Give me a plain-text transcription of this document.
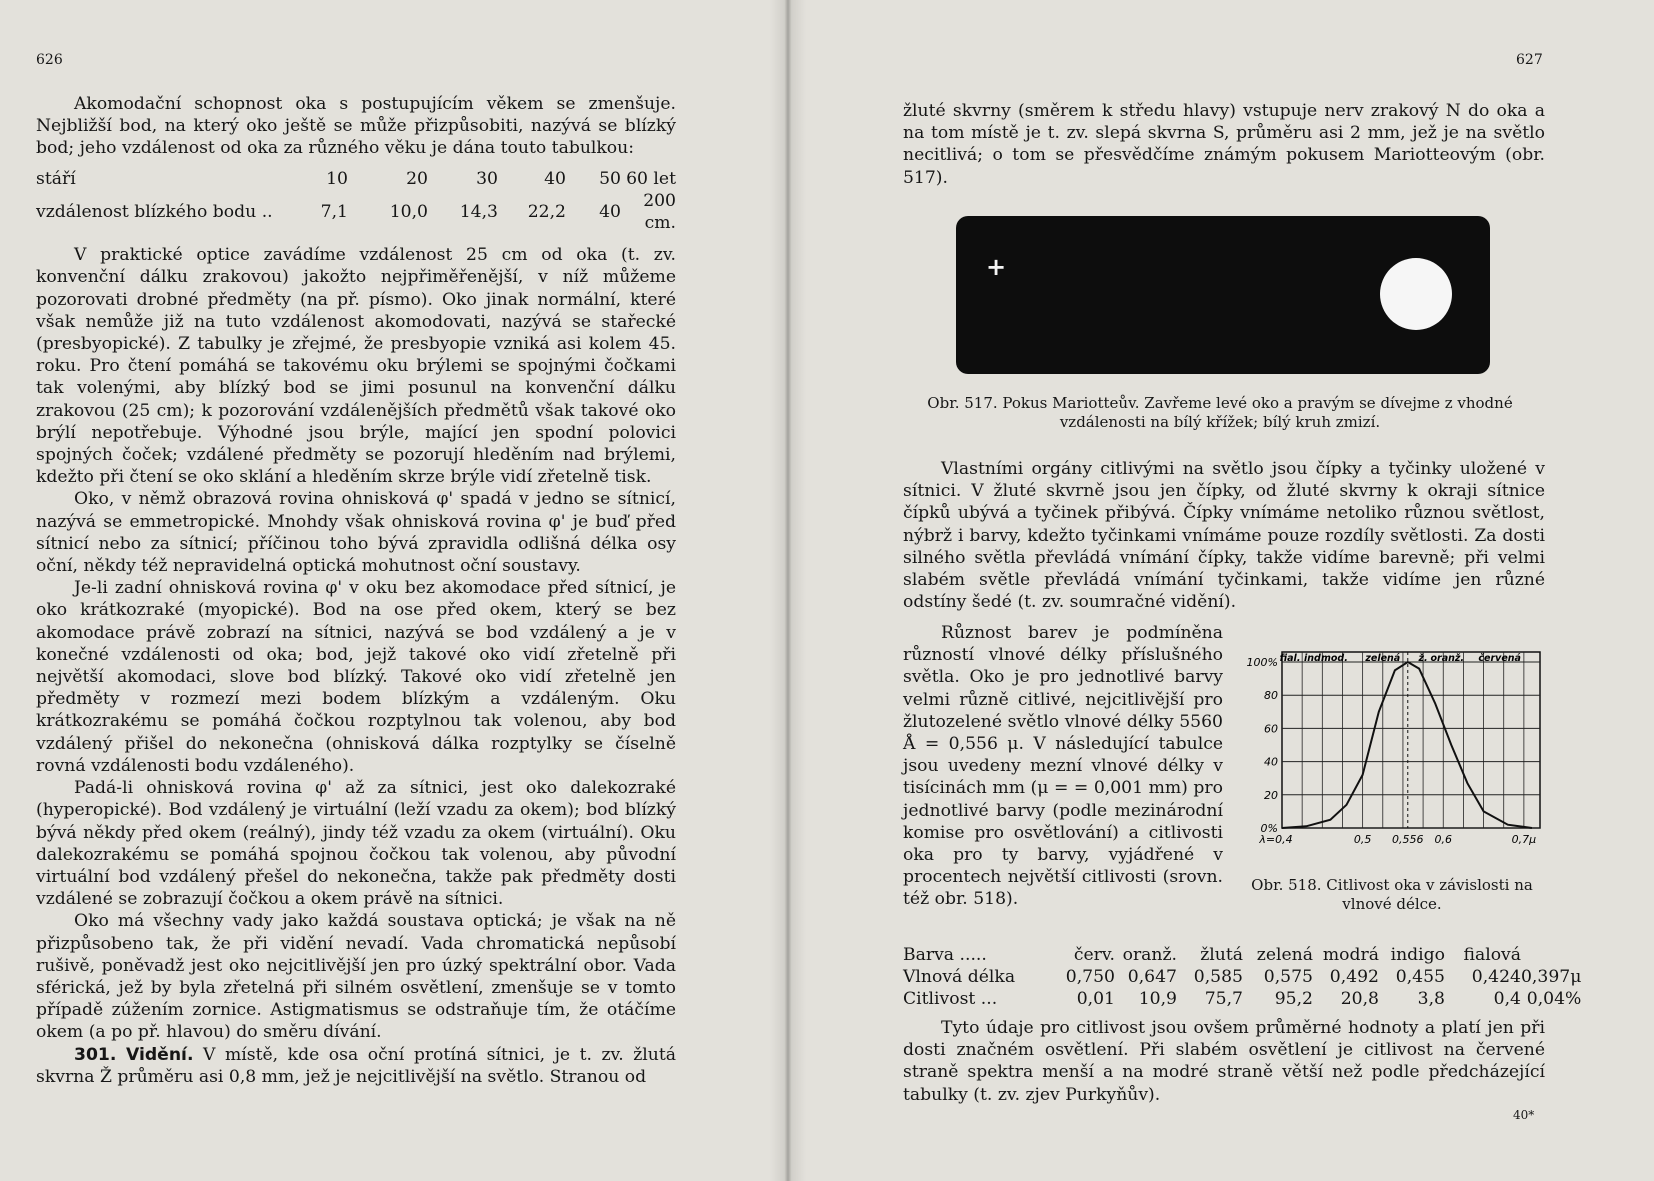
626

Akomodační schopnost oka s postupujícím věkem se zmenšuje. Nejbližší bod, na který oko ještě se může přizpůsobiti, nazývá se blízký bod; jeho vzdálenost od oka za různého věku je dána touto tabulkou:

stáří	10	20	30	40	50	60 let
vzdálenost blízkého bodu ..	7,1	10,0	14,3	22,2	40	200 cm.

V praktické optice zavádíme vzdálenost 25 cm od oka (t. zv. konvenční dálku zrakovou) jakožto nejpřiměřenější, v níž můžeme pozorovati drobné předměty (na př. písmo). Oko jinak normální, které však nemůže již na tuto vzdálenost akomodovati, nazývá se stařecké (presbyopické). Z tabulky je zřejmé, že presbyopie vzniká asi kolem 45. roku. Pro čtení pomáhá se takovému oku brýlemi se spojnými čočkami tak volenými, aby blízký bod se jimi posunul na konvenční dálku zrakovou (25 cm); k pozorování vzdálenějších předmětů však takové oko brýlí nepotřebuje. Výhodné jsou brýle, mající jen spodní polovici spojných čoček; vzdálené předměty se pozorují hleděním nad brýlemi, kdežto při čtení se oko sklání a hleděním skrze brýle vidí zřetelně tisk.

Oko, v němž obrazová rovina ohnisková φ' spadá v jedno se sítnicí, nazývá se emmetropické. Mnohdy však ohnisková rovina φ' je buď před sítnicí nebo za sítnicí; příčinou toho bývá zpravidla odlišná délka osy oční, někdy též nepravidelná optická mohutnost oční soustavy.

Je-li zadní ohnisková rovina φ' v oku bez akomodace před sítnicí, je oko krátkozraké (myopické). Bod na ose před okem, který se bez akomodace právě zobrazí na sítnici, nazývá se bod vzdálený a je v konečné vzdálenosti od oka; bod, jejž takové oko vidí zřetelně při největší akomodaci, slove bod blízký. Takové oko vidí zřetelně jen předměty v rozmezí mezi bodem blízkým a vzdáleným. Oku krátkozrakému se pomáhá čočkou rozptylnou tak volenou, aby bod vzdálený přišel do nekonečna (ohnisková dálka rozptylky se číselně rovná vzdálenosti bodu vzdáleného).

Padá-li ohnisková rovina φ' až za sítnici, jest oko dalekozraké (hyperopické). Bod vzdálený je virtuální (leží vzadu za okem); bod blízký bývá někdy před okem (reálný), jindy též vzadu za okem (virtuální). Oku dalekozrakému se pomáhá spojnou čočkou tak volenou, aby původní virtuální bod vzdálený přešel do nekonečna, takže pak předměty dosti vzdálené se zobrazují čočkou a okem právě na sítnici.

Oko má všechny vady jako každá soustava optická; je však na ně přizpůsobeno tak, že při vidění nevadí. Vada chromatická nepůsobí rušivě, poněvadž jest oko nejcitlivější jen pro úzký spektrální obor. Vada sférická, jež by byla zřetelná při silném osvětlení, zmenšuje se v tomto případě zúžením zornice. Astigmatismus se odstraňuje tím, že otáčíme okem (a po př. hlavou) do směru dívání.

301. Vidění. V místě, kde osa oční protíná sítnici, je t. zv. žlutá skvrna Ž průměru asi 0,8 mm, jež je nejcitlivější na světlo. Stranou od

627

žluté skvrny (směrem k středu hlavy) vstupuje nerv zrakový N do oka a na tom místě je t. zv. slepá skvrna S, průměru asi 2 mm, jež je na světlo necitlivá; o tom se přesvědčíme známým pokusem Mariotteovým (obr. 517).

+
Obr. 517. Pokus Mariotteův. Zavřeme levé oko a pravým se dívejme z vhodné vzdálenosti na bílý křížek; bílý kruh zmizí.

Vlastními orgány citlivými na světlo jsou čípky a tyčinky uložené v sítnici. V žluté skvrně jsou jen čípky, od žluté skvrny k okraji sítnice čípků ubývá a tyčinek přibývá. Čípky vnímáme netoliko různou světlost, nýbrž i barvy, kdežto tyčinkami vnímáme pouze rozdíly světlosti. Za dosti silného světla převládá vnímání čípky, takže vidíme barevně; při velmi slabém světle převládá vnímání tyčinkami, takže vidíme jen různé odstíny šedé (t. zv. soumračné vidění).

Různost barev je podmíněna růzností vlnové délky příslušného světla. Oko je pro jednotlivé barvy velmi různě citlivé, nejcitlivější pro žlutozelené světlo vlnové délky 5560 Å = 0,556 μ. V následující tabulce jsou uvedeny mezní vlnové délky v tisícinách mm (μ = = 0,001 mm) pro jednotlivé barvy (podle mezinárodní komise pro osvětlování) a citlivosti oka pro ty barvy, vyjádřené v procentech největší citlivosti (srovn. též obr. 518).

fial. ind.
mod. zelená ž. oranž. červená
0%
20
40
60
80
100%
λ=0,4	0,5 0,556 0,6	0,7μ
Obr. 518. Citlivost oka v závislosti na vlnové délce.
Barva .....	červ.	oranž.	žlutá	zelená	modrá	indigo	fialová	
Vlnová délka	0,750	0,647	0,585	0,575	0,492	0,455	0,424	0,397μ
Citlivost ...	0,01	10,9	75,7	95,2	20,8	3,8	0,4	0,04%

Tyto údaje pro citlivost jsou ovšem průměrné hodnoty a platí jen při dosti značném osvětlení. Při slabém osvětlení je citlivost na červené straně spektra menší a na modré straně větší než podle předcházející tabulky (t. zv. zjev Purkyňův).

40*
